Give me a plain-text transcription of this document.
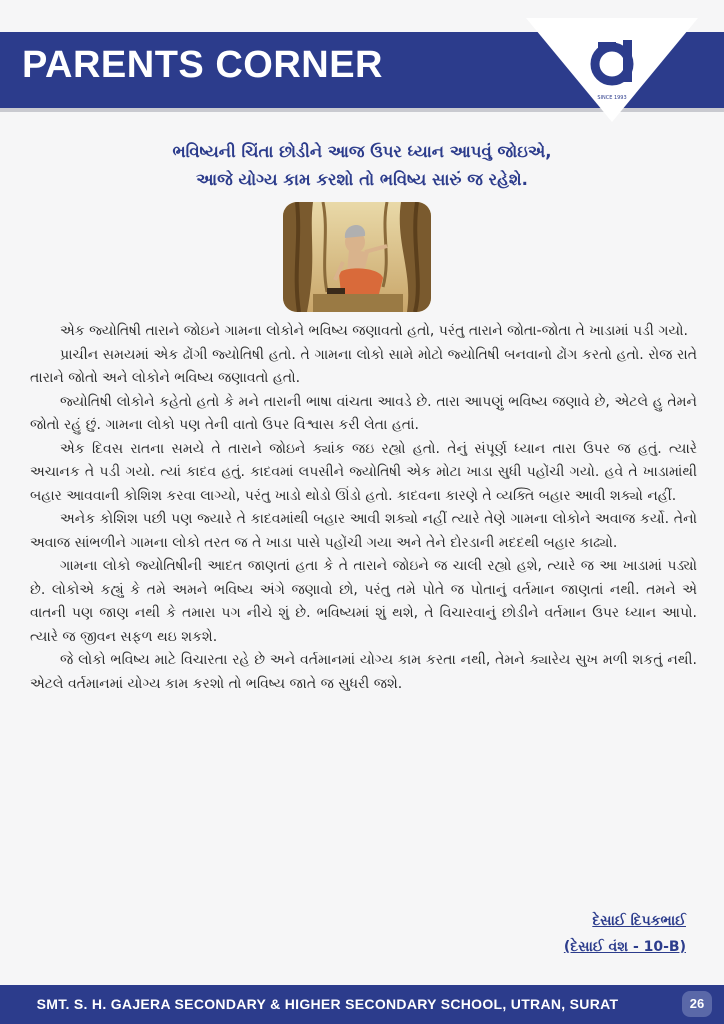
PARENTS CORNER
SINCE 1993
ભવિષ્યની ચિંતા છોડીને આજ ઉપર ધ્યાન આપવું જોઇએ,
આજે યોગ્ય કામ કરશો તો ભવિષ્ય સારું જ રહેશે.

એક જ્યોતિષી તારાને જોઇને ગામના લોકોને ભવિષ્ય જણાવતો હતો, પરંતુ તારાને જોતા-જોતા તે ખાડામાં પડી ગયો.

પ્રાચીન સમયમાં એક ઢોંગી જ્યોતિષી હતો. તે ગામના લોકો સામે મોટો જ્યોતિષી બનવાનો ઢોંગ કરતો હતો. રોજ રાતે તારાને જોતો અને લોકોને ભવિષ્ય જણાવતો હતો.

જ્યોતિષી લોકોને કહેતો હતો કે મને તારાની ભાષા વાંચતા આવડે છે. તારા આપણું ભવિષ્ય જણાવે છે, એટલે હુ તેમને જોતો રહું છું. ગામના લોકો પણ તેની વાતો ઉપર વિશ્વાસ કરી લેતા હતાં.

એક દિવસ રાતના સમયે તે તારાને જોઇને ક્યાંક જઇ રહ્યો હતો. તેનું સંપૂર્ણ ધ્યાન તારા ઉપર જ હતું. ત્યારે અચાનક તે પડી ગયો. ત્યાં કાદવ હતું. કાદવમાં લપસીને જ્યોતિષી એક મોટા ખાડા સુધી પહોંચી ગયો. હવે તે ખાડામાંથી બહાર આવવાની કોશિશ કરવા લાગ્યો, પરંતુ ખાડો થોડો ઊંડો હતો. કાદવના કારણે તે વ્યક્તિ બહાર આવી શક્યો નહીં.

અનેક કોશિશ પછી પણ જ્યારે તે કાદવમાંથી બહાર આવી શક્યો નહીં ત્યારે તેણે ગામના લોકોને અવાજ કર્યો. તેનો અવાજ સાંભળીને ગામના લોકો તરત જ તે ખાડા પાસે પહોંચી ગયા અને તેને દોરડાની મદદથી બહાર કાઢ્યો.

ગામના લોકો જ્યોતિષીની આદત જાણતાં હતા કે તે તારાને જોઇને જ ચાલી રહ્યો હશે, ત્યારે જ આ ખાડામાં પડ્યો છે. લોકોએ કહ્યું કે તમે અમને ભવિષ્ય અંગે જણાવો છો, પરંતુ તમે પોતે જ પોતાનું વર્તમાન જાણતાં નથી. તમને એ વાતની પણ જાણ નથી કે તમારા પગ નીચે શું છે. ભવિષ્યમાં શું થશે, તે વિચારવાનું છોડીને વર્તમાન ઉપર ધ્યાન આપો. ત્યારે જ જીવન સફળ થઇ શકશે.

જે લોકો ભવિષ્ય માટે વિચારતા રહે છે અને વર્તમાનમાં યોગ્ય કામ કરતા નથી, તેમને ક્યારેય સુખ મળી શકતું નથી. એટલે વર્તમાનમાં યોગ્ય કામ કરશો તો ભવિષ્ય જાતે જ સુધરી જશે.

દેસાઈ દિપકભાઈ
(દેસાઈ વંશ - 10-B)
SMT. S. H. GAJERA SECONDARY & HIGHER SECONDARY SCHOOL, UTRAN, SURAT	26
